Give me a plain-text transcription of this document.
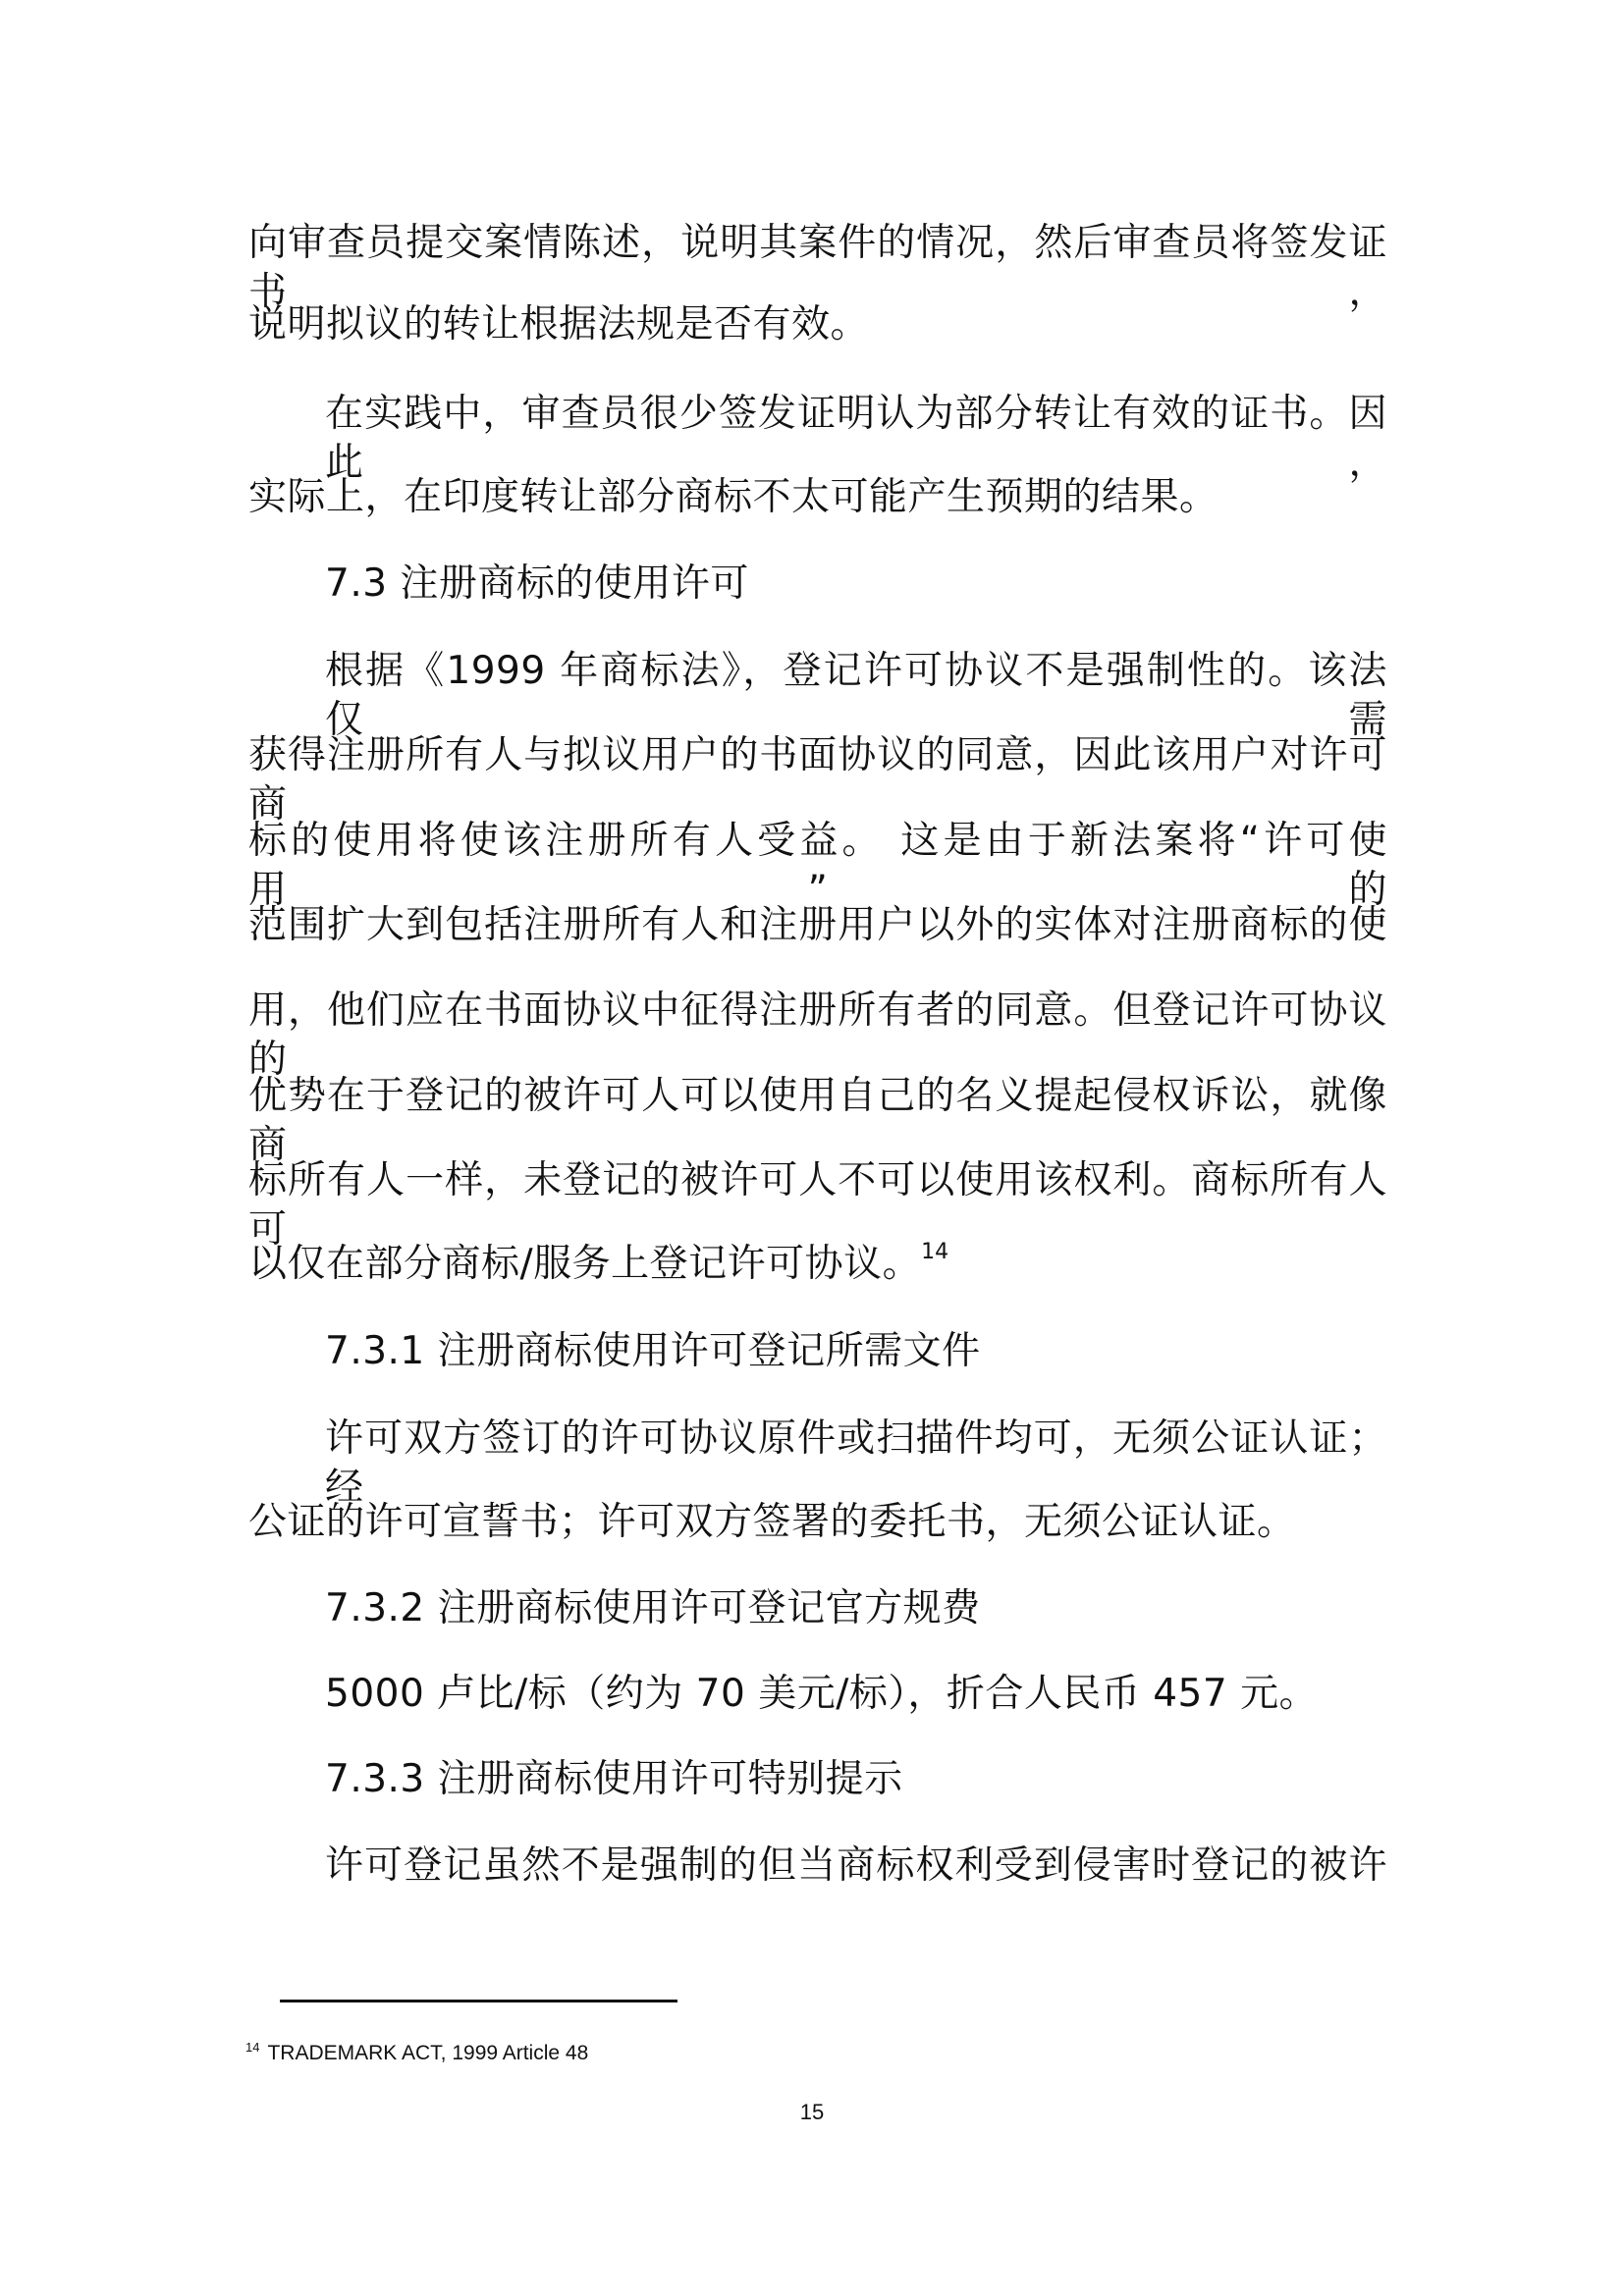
向审查员提交案情陈述，说明其案件的情况，然后审查员将签发证书，
说明拟议的转让根据法规是否有效。
在实践中，审查员很少签发证明认为部分转让有效的证书。因此，
实际上，在印度转让部分商标不太可能产生预期的结果。
7.3 注册商标的使用许可
根据《1999 年商标法》，登记许可协议不是强制性的。该法仅需
获得注册所有人与拟议用户的书面协议的同意，因此该用户对许可商
标的使用将使该注册所有人受益。 这是由于新法案将“许可使用”的
范围扩大到包括注册所有人和注册用户以外的实体对注册商标的使
用，他们应在书面协议中征得注册所有者的同意。但登记许可协议的
优势在于登记的被许可人可以使用自己的名义提起侵权诉讼，就像商
标所有人一样，未登记的被许可人不可以使用该权利。商标所有人可
以仅在部分商标/服务上登记许可协议。$^{14}$
7.3.1 注册商标使用许可登记所需文件
许可双方签订的许可协议原件或扫描件均可，无须公证认证；经
公证的许可宣誓书；许可双方签署的委托书，无须公证认证。
7.3.2 注册商标使用许可登记官方规费
5000 卢比/标（约为 70 美元/标），折合人民币 457 元。
7.3.3 注册商标使用许可特别提示
许可登记虽然不是强制的但当商标权利受到侵害时登记的被许
$^{14}$ TRADEMARK ACT, 1999 Article 48
15
